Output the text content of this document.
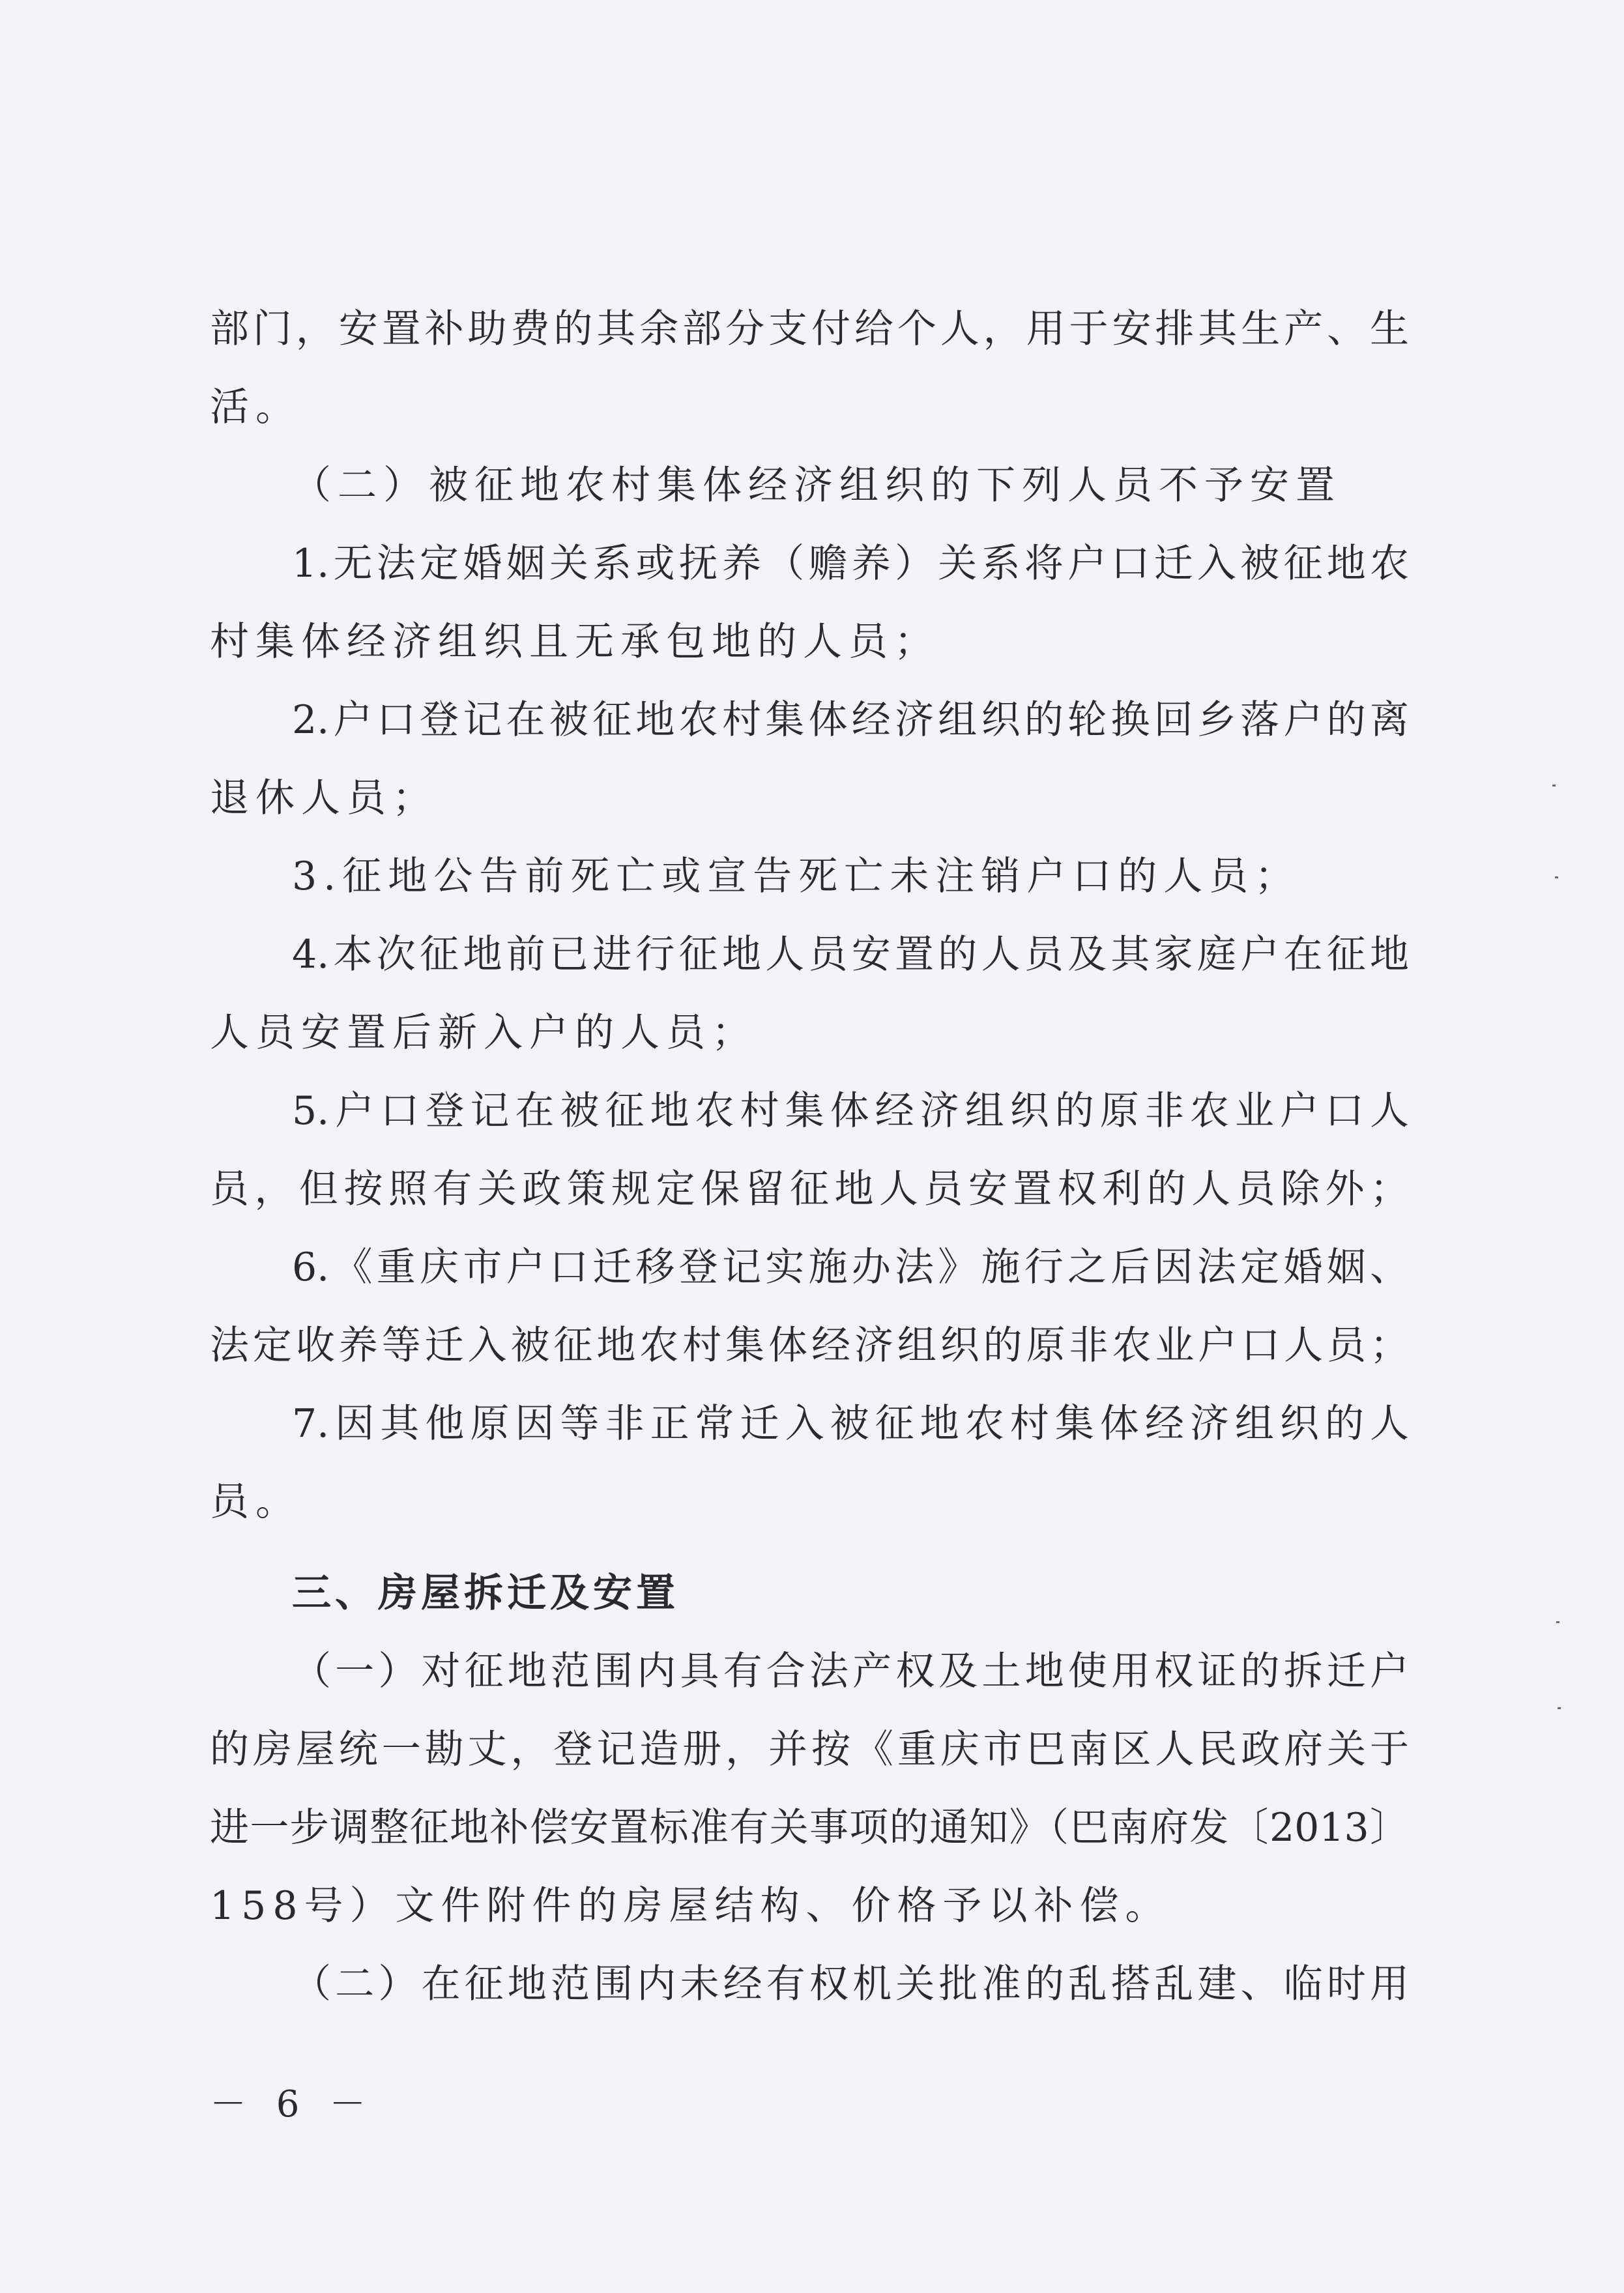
部门，安置补助费的其余部分支付给个人，用于安排其生产、生
活。
（二）被征地农村集体经济组织的下列人员不予安置
1.无法定婚姻关系或抚养（赡养）关系将户口迁入被征地农
村集体经济组织且无承包地的人员；
2.户口登记在被征地农村集体经济组织的轮换回乡落户的离
退休人员；
3.征地公告前死亡或宣告死亡未注销户口的人员；
4.本次征地前已进行征地人员安置的人员及其家庭户在征地
人员安置后新入户的人员；
5.户口登记在被征地农村集体经济组织的原非农业户口人
员，但按照有关政策规定保留征地人员安置权利的人员除外；
6.《重庆市户口迁移登记实施办法》施行之后因法定婚姻、
法定收养等迁入被征地农村集体经济组织的原非农业户口人员；
7.因其他原因等非正常迁入被征地农村集体经济组织的人
员。
三、房屋拆迁及安置
（一）对征地范围内具有合法产权及土地使用权证的拆迁户
的房屋统一勘丈，登记造册，并按《重庆市巴南区人民政府关于
进一步调整征地补偿安置标准有关事项的通知》（巴南府发〔2013〕
158号）文件附件的房屋结构、价格予以补偿。
（二）在征地范围内未经有权机关批准的乱搭乱建、临时用
－ 6 －
